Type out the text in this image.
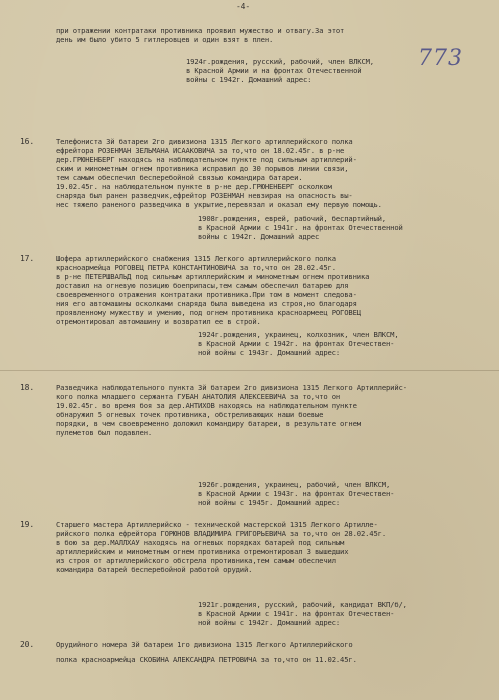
-4-
773
при отражении контратаки противника проявил мужество и отвагу.За этот
день им было убито 5 гитлеровцев и один взят в плен.
1924г.рождения, русский, рабочий, член ВЛКСМ,
в Красной Армии и на фронтах Отечественной
войны с 1942г. Домашний адрес:
16.	Телефониста 3й батареи 2го дивизиона 1315 Легкого артиллерийского полка
ефрейтора РОЗЕНМАН ЗЕЛЬМАНА ИСААКОВИЧА за то,что он 18.02.45г. в р-не
дер.ГРЮНЕНБЕРГ находясь на наблюдательном пункте под сильным артиллерий-
ским и минометным огнем противника исправил до 30 порывов линии связи,
тем самым обеспечил бесперебойной связью командира батареи.
19.02.45г. на наблюдательном пункте в р-не дер.ГРЮНЕНБЕРГ осколком
снаряда был ранен разведчик,ефрейтор РОЗЕНМАН невзирая на опасность вы-
нес тяжело раненого разведчика в укрытие,перевязал и оказал ему первую помощь.
1908г.рождения, еврей, рабочий, беспартийный,
в Красной Армии с 1941г. на фронтах Отечественной
войны с 1942г. Домашний адрес
17.	Шофера артиллерийского снабжения 1315 Легкого артиллерийского полка
красноармейца РОГОВЕЦ ПЕТРА КОНСТАНТИНОВИЧА за то,что он 28.02.45г.
в р-не ПЕТЕРШВАЛЬД под сильным артиллерийским и минометным огнем противника
доставил на огневую позицию боеприпасы,тем самым обеспечил батарею для
своевременного отражения контратаки противника.При том в момент следова-
ния его автомашины осколками снаряда была выведена из строя,но благодаря
проявленному мужеству и умению, под огнем противника красноармеец РОГОВЕЦ
отремонтировал автомашину и возвратил ее в строй.
1924г.рождения, украинец, колхозник, член ВЛКСМ,
в Красной Армии с 1942г. на фронтах Отечествен-
ной войны с 1943г. Домашний адрес:
18.	Разведчика наблюдательного пункта 3й батареи 2го дивизиона 1315 Легкого Артиллерийс-
кого полка младшего сержанта ГУБАН АНАТОЛИЯ АЛЕКСЕЕВИЧА за то,что он
19.02.45г. во время боя за дер.АНТИХОВ находясь на наблюдательном пункте
обнаружил 5 огневых точек противника, обстреливающих наши боевые
порядки, в чем своевременно доложил командиру батареи, в результате огнем
пулеметов был подавлен.
1926г.рождения, украинец, рабочий, член ВЛКСМ,
в Красной Армии с 1943г. на фронтах Отечествен-
ной войны с 1945г. Домашний адрес:
19.	Старшего мастера Артиллерийско - технической мастерской 1315 Легкого Артилле-
рийского полка ефрейтора ГОРЮНОВ ВЛАДИМИРА ГРИГОРЬЕВИЧА за то,что он 28.02.45г.
в бою за дер.МАЛЛХАУ находясь на огневых порядках батарей под сильным
артиллерийским и минометным огнем противника отремонтировал 3 вышедших
из строя от артиллерийского обстрела противника,тем самым обеспечил
командира батарей бесперебойной работой орудий.
1921г.рождения, русский, рабочий, кандидат ВКП/б/,
в Красной Армии с 1941г. на фронтах Отечествен-
ной войны с 1942г. Домашний адрес:
20.	Орудийного номера 3й батареи 1го дивизиона 1315 Легкого Артиллерийского
полка красноармейца СКОБИНА АЛЕКСАНДРА ПЕТРОВИЧА за то,что он 11.02.45г.
